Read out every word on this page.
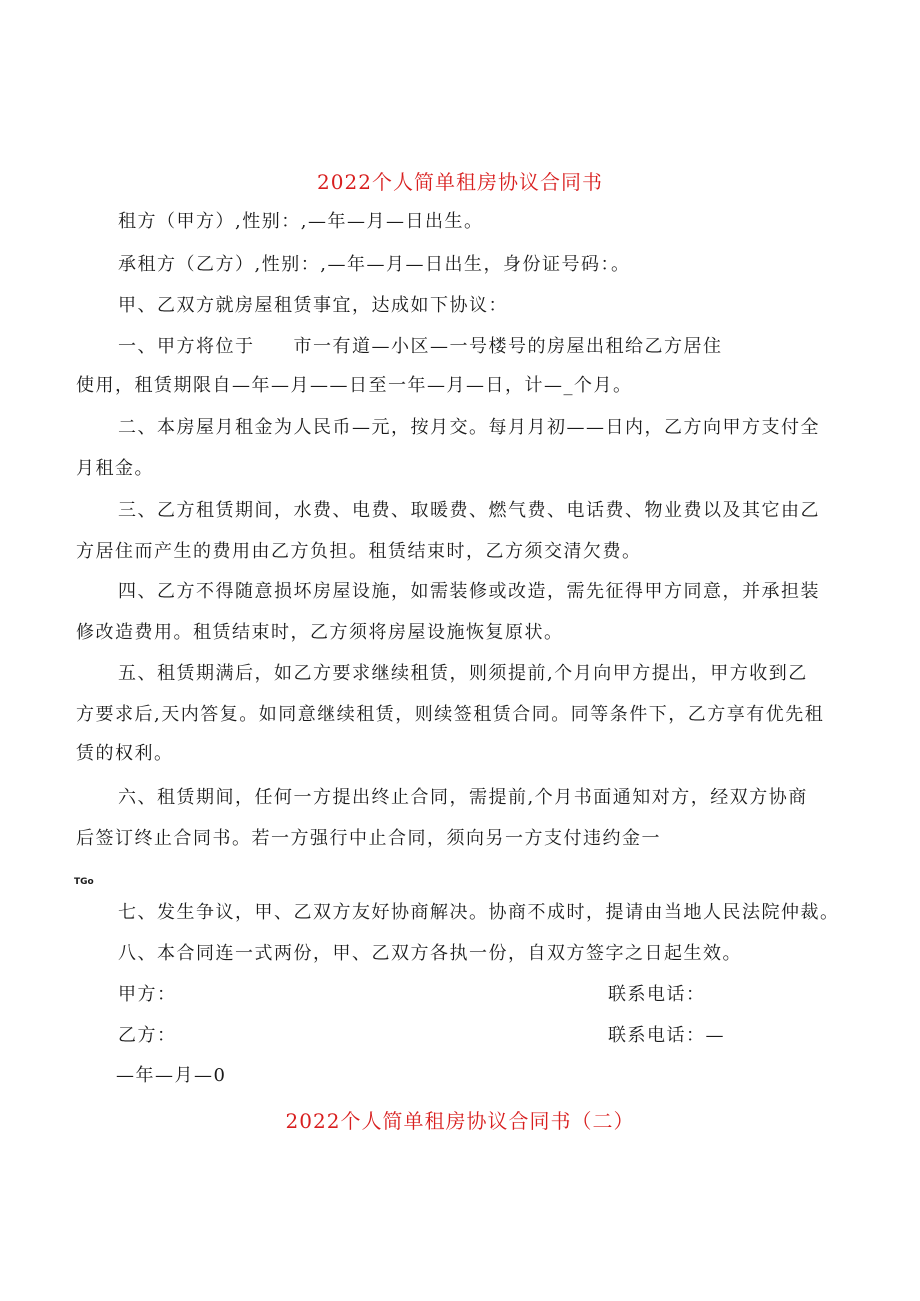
2022个人简单租房协议合同书
租方（甲方）,性别：,—年—月—日出生。
承租方（乙方）,性别：,—年—月—日出生，身份证号码：。
甲、乙双方就房屋租赁事宜，达成如下协议：
一、甲方将位于　　市一有道—小区—一号楼号的房屋出租给乙方居住
使用，租赁期限自—年—月——日至一年—月—日，计—_个月。
二、本房屋月租金为人民币—元，按月交。每月月初——日内，乙方向甲方支付全
月租金。
三、乙方租赁期间，水费、电费、取暖费、燃气费、电话费、物业费以及其它由乙
方居住而产生的费用由乙方负担。租赁结束时，乙方须交清欠费。
四、乙方不得随意损坏房屋设施，如需装修或改造，需先征得甲方同意，并承担装
修改造费用。租赁结束时，乙方须将房屋设施恢复原状。
五、租赁期满后，如乙方要求继续租赁，则须提前,个月向甲方提出，甲方收到乙
方要求后,天内答复。如同意继续租赁，则续签租赁合同。同等条件下，乙方享有优先租
赁的权利。
六、租赁期间，任何一方提出终止合同，需提前,个月书面通知对方，经双方协商
后签订终止合同书。若一方强行中止合同，须向另一方支付违约金一
TGo
七、发生争议，甲、乙双方友好协商解决。协商不成时，提请由当地人民法院仲裁。
八、本合同连一式两份，甲、乙双方各执一份，自双方签字之日起生效。
甲方：	联系电话：
乙方：	联系电话：—
—年—月—0
2022个人简单租房协议合同书（二）
